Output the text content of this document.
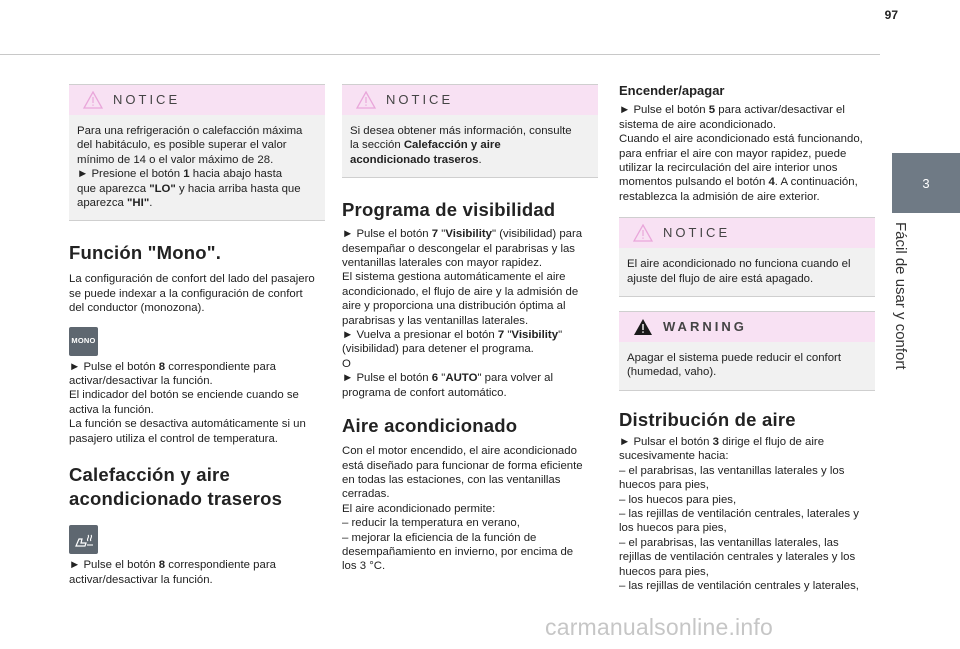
97
3
Fácil de usar y confort
NOTICE

Para una refrigeración o calefacción máxima

del habitáculo, es posible superar el valor

mínimo de 14 o el valor máximo de 28.

► Presione el botón 1 hacia abajo hasta

que aparezca "LO" y hacia arriba hasta que

aparezca "HI".

Función "Mono".

La configuración de confort del lado del pasajero

se puede indexar a la configuración de confort

del conductor (monozona).

MONO

► Pulse el botón 8 correspondiente para

activar/desactivar la función.

El indicador del botón se enciende cuando se

activa la función.

La función se desactiva automáticamente si un

pasajero utiliza el control de temperatura.

Calefacción y aire
acondicionado traseros

► Pulse el botón 8 correspondiente para

activar/desactivar la función.

NOTICE

Si desea obtener más información, consulte

la sección Calefacción y aire

acondicionado traseros.

Programa de visibilidad

► Pulse el botón 7 "Visibility" (visibilidad) para

desempañar o descongelar el parabrisas y las

ventanillas laterales con mayor rapidez.

El sistema gestiona automáticamente el aire

acondicionado, el flujo de aire y la admisión de

aire y proporciona una distribución óptima al

parabrisas y las ventanillas laterales.

► Vuelva a presionar el botón 7 "Visibility"

(visibilidad) para detener el programa.

O

► Pulse el botón 6 "AUTO" para volver al

programa de confort automático.

Aire acondicionado

Con el motor encendido, el aire acondicionado

está diseñado para funcionar de forma eficiente

en todas las estaciones, con las ventanillas

cerradas.

El aire acondicionado permite:

– reducir la temperatura en verano,

– mejorar la eficiencia de la función de

desempañamiento en invierno, por encima de

los 3 °C.

Encender/apagar

► Pulse el botón 5 para activar/desactivar el

sistema de aire acondicionado.

Cuando el aire acondicionado está funcionando,

para enfriar el aire con mayor rapidez, puede

utilizar la recirculación del aire interior unos

momentos pulsando el botón 4. A continuación,

restablezca la admisión de aire exterior.

NOTICE

El aire acondicionado no funciona cuando el

ajuste del flujo de aire está apagado.

WARNING

Apagar el sistema puede reducir el confort

(humedad, vaho).

Distribución de aire

► Pulsar el botón 3 dirige el flujo de aire

sucesivamente hacia:

– el parabrisas, las ventanillas laterales y los

huecos para pies,

– los huecos para pies,

– las rejillas de ventilación centrales, laterales y

los huecos para pies,

– el parabrisas, las ventanillas laterales, las

rejillas de ventilación centrales y laterales y los

huecos para pies,

– las rejillas de ventilación centrales y laterales,

carmanualsonline.info
